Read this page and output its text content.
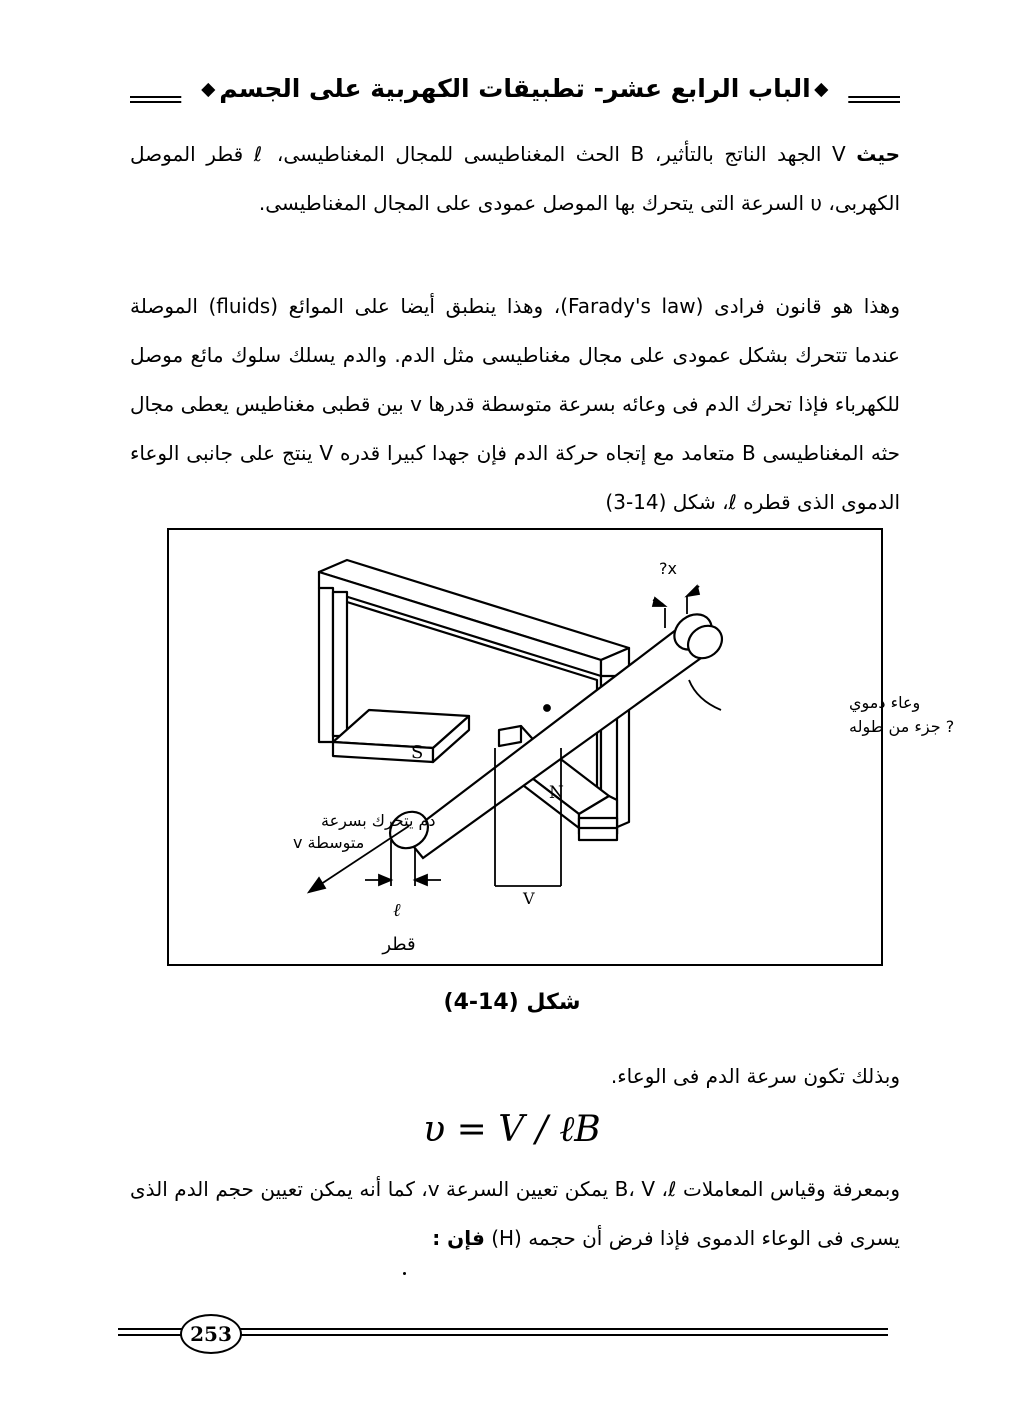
الباب الرابع عشر- تطبيقات الكهربية على الجسم
حيث V الجهد الناتج بالتأثير، B الحث المغناطيسى للمجال المغناطيسى، ℓ قطر الموصل الكهربى، υ السرعة التى يتحرك بها الموصل عمودى على المجال المغناطيسى.
وهذا هو قانون فرادى (Farady's law)، وهذا ينطبق أيضا على الموائع (fluids) الموصلة عندما تتحرك بشكل عمودى على مجال مغناطيسى مثل الدم. والدم يسلك سلوك مائع موصل للكهرباء فإذا تحرك الدم فى وعائه بسرعة متوسطة قدرها v بين قطبى مغناطيس يعطى مجال حثه المغناطيسى B متعامد مع إتجاه حركة الدم فإن جهدا كبيرا قدره V ينتج على جانبى الوعاء الدموى الذى قطره ℓ، شكل (14-3)
?x
وعاء دموي
? جزء من طوله
S
N
دم يتحرك بسرعة
متوسطة v
ℓ
قطر
V
شكل (14-4)
وبذلك تكون سرعة الدم فى الوعاء.
υ = V / ℓB
وبمعرفة وقياس المعاملات B، V ،ℓ يمكن تعيين السرعة v، كما أنه يمكن تعيين حجم الدم الذى يسرى فى الوعاء الدموى فإذا فرض أن حجمه (H) فإن :
253
